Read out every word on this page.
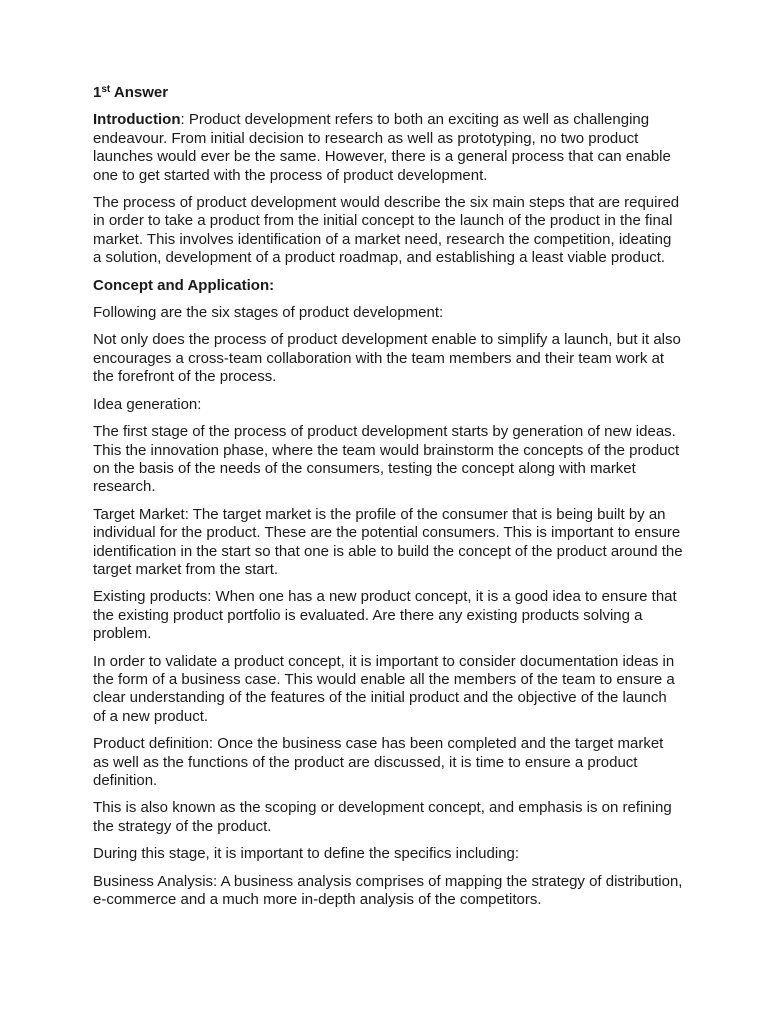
1st Answer

Introduction: Product development refers to both an exciting as well as challenging endeavour. From initial decision to research as well as prototyping, no two product launches would ever be the same. However, there is a general process that can enable one to get started with the process of product development.

The process of product development would describe the six main steps that are required in order to take a product from the initial concept to the launch of the product in the final market. This involves identification of a market need, research the competition, ideating a solution, development of a product roadmap, and establishing a least viable product.

Concept and Application:

Following are the six stages of product development:

Not only does the process of product development enable to simplify a launch, but it also encourages a cross-team collaboration with the team members and their team work at the forefront of the process.

Idea generation:

The first stage of the process of product development starts by generation of new ideas. This the innovation phase, where the team would brainstorm the concepts of the product on the basis of the needs of the consumers, testing the concept along with market research.

Target Market: The target market is the profile of the consumer that is being built by an individual for the product. These are the potential consumers. This is important to ensure identification in the start so that one is able to build the concept of the product around the target market from the start.

Existing products: When one has a new product concept, it is a good idea to ensure that the existing product portfolio is evaluated. Are there any existing products solving a problem.

In order to validate a product concept, it is important to consider documentation ideas in the form of a business case. This would enable all the members of the team to ensure a clear understanding of the features of the initial product and the objective of the launch of a new product.

Product definition: Once the business case has been completed and the target market as well as the functions of the product are discussed, it is time to ensure a product definition.

This is also known as the scoping or development concept, and emphasis is on refining the strategy of the product.

During this stage, it is important to define the specifics including:

Business Analysis: A business analysis comprises of mapping the strategy of distribution, e-commerce and a much more in-depth analysis of the competitors.
